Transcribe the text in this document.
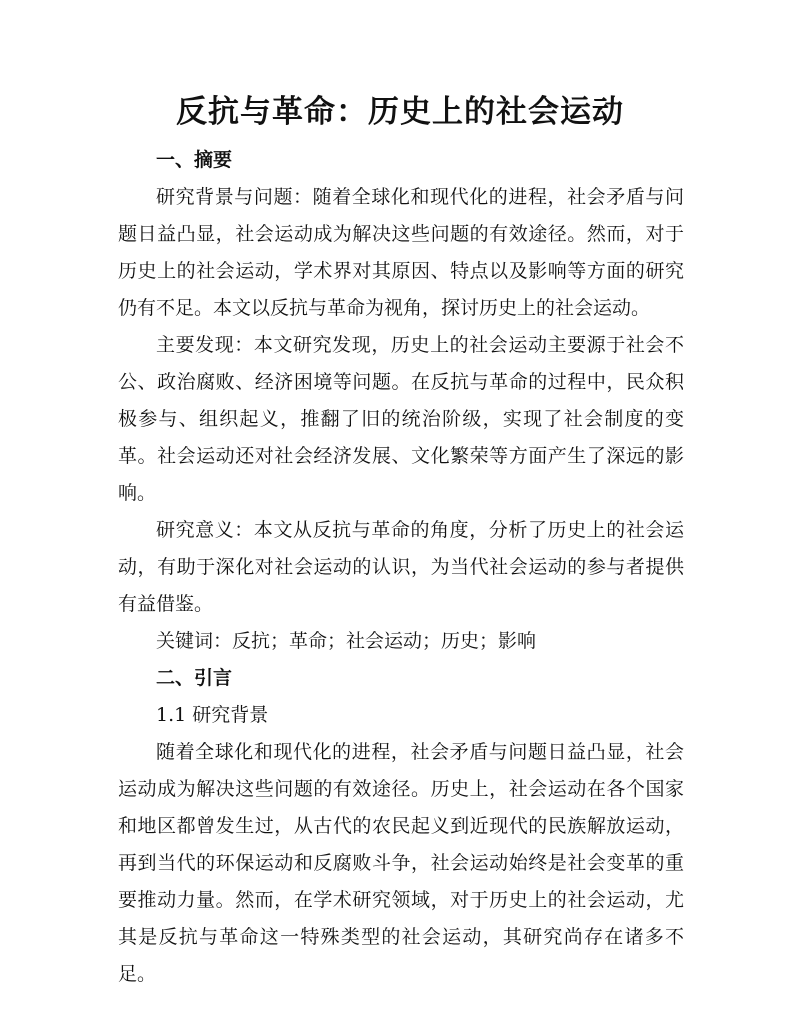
反抗与革命：历史上的社会运动

一、摘要

研究背景与问题：随着全球化和现代化的进程，社会矛盾与问题日益凸显，社会运动成为解决这些问题的有效途径。然而，对于历史上的社会运动，学术界对其原因、特点以及影响等方面的研究仍有不足。本文以反抗与革命为视角，探讨历史上的社会运动。

主要发现：本文研究发现，历史上的社会运动主要源于社会不公、政治腐败、经济困境等问题。在反抗与革命的过程中，民众积极参与、组织起义，推翻了旧的统治阶级，实现了社会制度的变革。社会运动还对社会经济发展、文化繁荣等方面产生了深远的影响。

研究意义：本文从反抗与革命的角度，分析了历史上的社会运动，有助于深化对社会运动的认识，为当代社会运动的参与者提供有益借鉴。

关键词：反抗；革命；社会运动；历史；影响

二、引言

1.1 研究背景

随着全球化和现代化的进程，社会矛盾与问题日益凸显，社会运动成为解决这些问题的有效途径。历史上，社会运动在各个国家和地区都曾发生过，从古代的农民起义到近现代的民族解放运动，再到当代的环保运动和反腐败斗争，社会运动始终是社会变革的重要推动力量。然而，在学术研究领域，对于历史上的社会运动，尤其是反抗与革命这一特殊类型的社会运动，其研究尚存在诸多不足。
